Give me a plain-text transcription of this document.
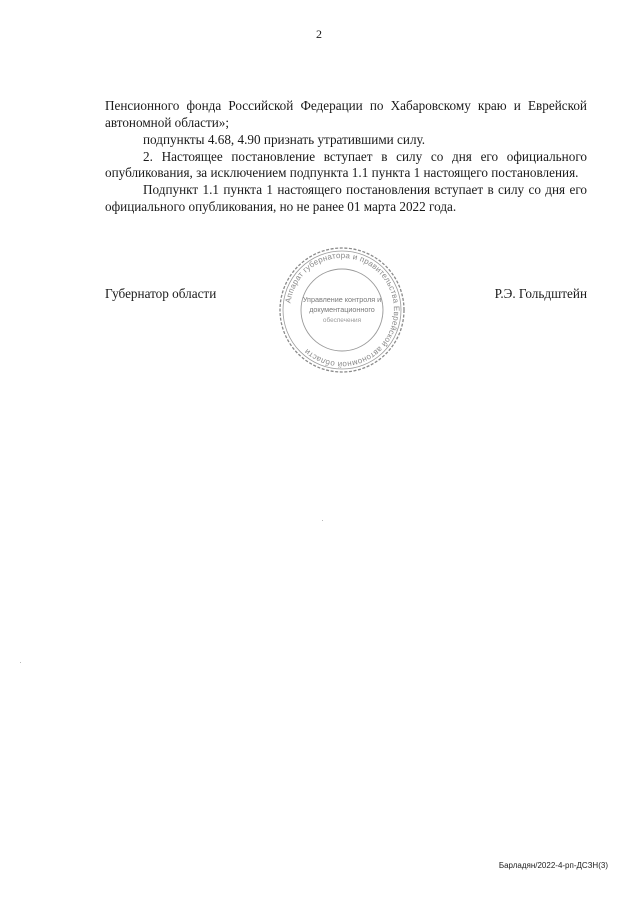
2

Пенсионного фонда Российской Федерации по Хабаровскому краю и Еврейской автономной области»;

подпункты 4.68, 4.90 признать утратившими силу.

2. Настоящее постановление вступает в силу со дня его официального опубликования, за исключением подпункта 1.1 пункта 1 настоящего постановления.

Подпункт 1.1 пункта 1 настоящего постановления вступает в силу со дня его официального опубликования, но не ранее 01 марта 2022 года.

Губернатор области	Аппарат губернатора и правительства Еврейской автономной области
Управление контроля и
документационного
обеспечения
Р.Э. Гольдштейн
Барладян/2022-4-рп-ДСЗН(3)
